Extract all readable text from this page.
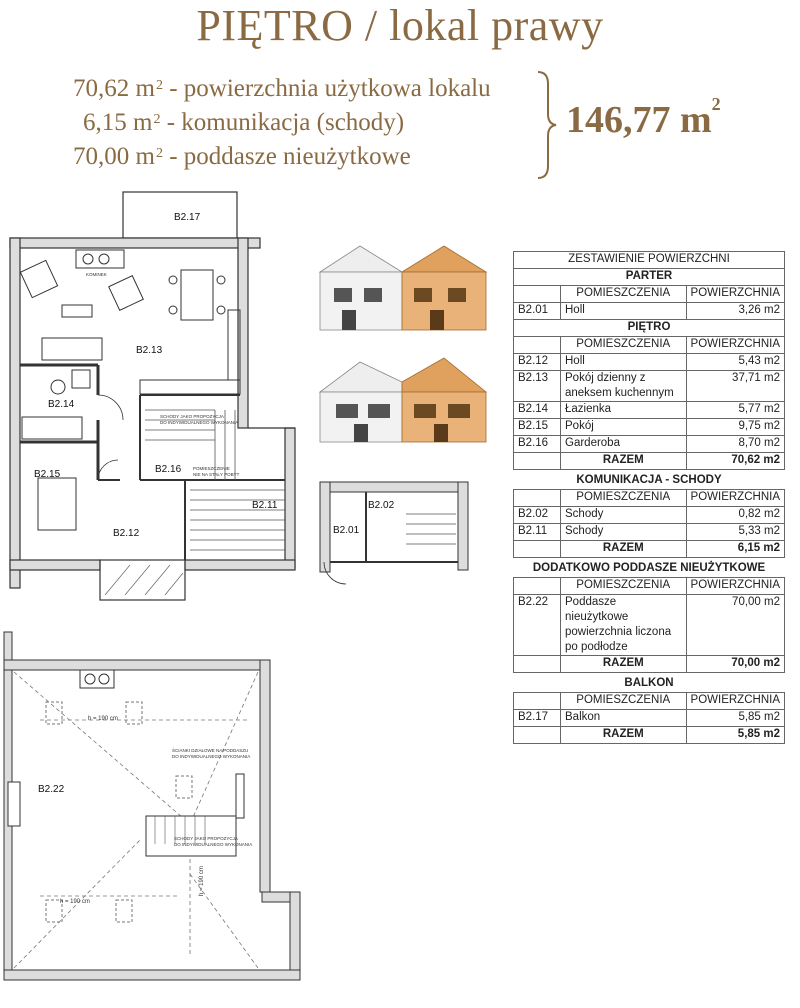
PIĘTRO / lokal prawy
70,62 $m^2$ - powierzchnia użytkowa lokalu
6,15 $m^2$ - komunikacja (schody)
70,00 $m^2$ - poddasze nieużytkowe
146,77 $m^2$
KOMINEK
B2.17
B2.13
B2.14
SCHODY JAKO PROPOZYCJA
DO INDYWIDUALNEGO WYKONANIA
B2.15	B2.16	POMIESZCZENIE
NIE NA STAŁY POBYT
B2.11
B2.12
B2.02
B2.01
h = 190 cm
h = 190 cm
h = 190 cm
ŚCIANKI DZIAŁOWE NA PODDASZU
DO INDYWIDUALNEGO WYKONANIA
SCHODY JAKO PROPOZYCJA
DO INDYWIDUALNEGO WYKONANIA
B2.22
ZESTAWIENIE POWIERZCHNI		
PARTER		
	POMIESZCZENIA	POWIERZCHNIA
B2.01	Holl	3,26 m2
PIĘTRO		
	POMIESZCZENIA	POWIERZCHNIA
B2.12	Holl	5,43 m2
B2.13	Pokój dzienny z aneksem kuchennym	37,71 m2
B2.14	Łazienka	5,77 m2
B2.15	Pokój	9,75 m2
B2.16	Garderoba	8,70 m2
	RAZEM	70,62 m2
KOMUNIKACJA - SCHODY		
	POMIESZCZENIA	POWIERZCHNIA
B2.02	Schody	0,82 m2
B2.11	Schody	5,33 m2
	RAZEM	6,15 m2
DODATKOWO PODDASZE NIEUŻYTKOWE		
	POMIESZCZENIA	POWIERZCHNIA
B2.22	Poddasze nieużytkowe powierzchnia liczona po podłodze	70,00 m2
	RAZEM	70,00 m2
BALKON		
	POMIESZCZENIA	POWIERZCHNIA
B2.17	Balkon	5,85 m2
	RAZEM	5,85 m2
